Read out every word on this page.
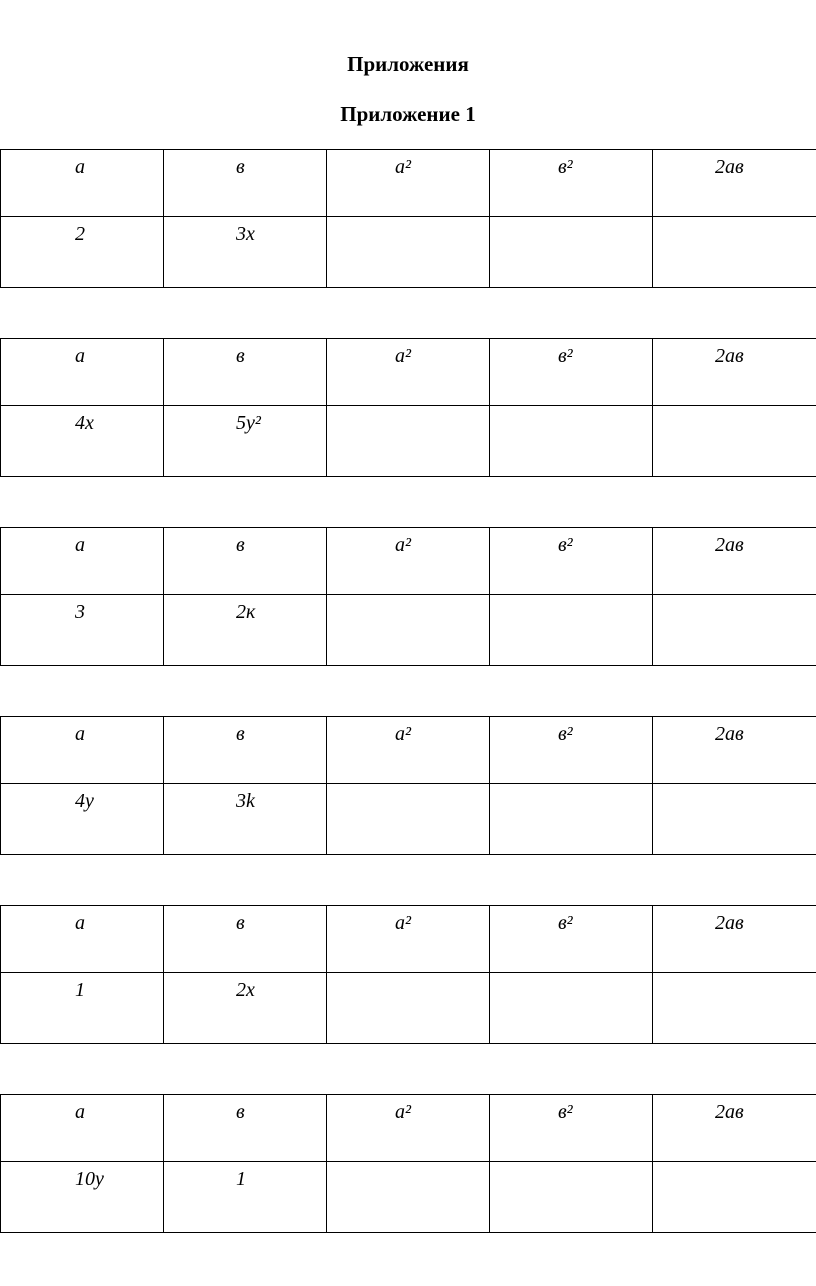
Приложения
Приложение 1
а	в	а²	в²	2ав
2	3х			
а	в	а²	в²	2ав
4х	5у²			
а	в	а²	в²	2ав
3	2к			
а	в	а²	в²	2ав
4у	3k			
а	в	а²	в²	2ав
1	2х			
а	в	а²	в²	2ав
10у	1			
